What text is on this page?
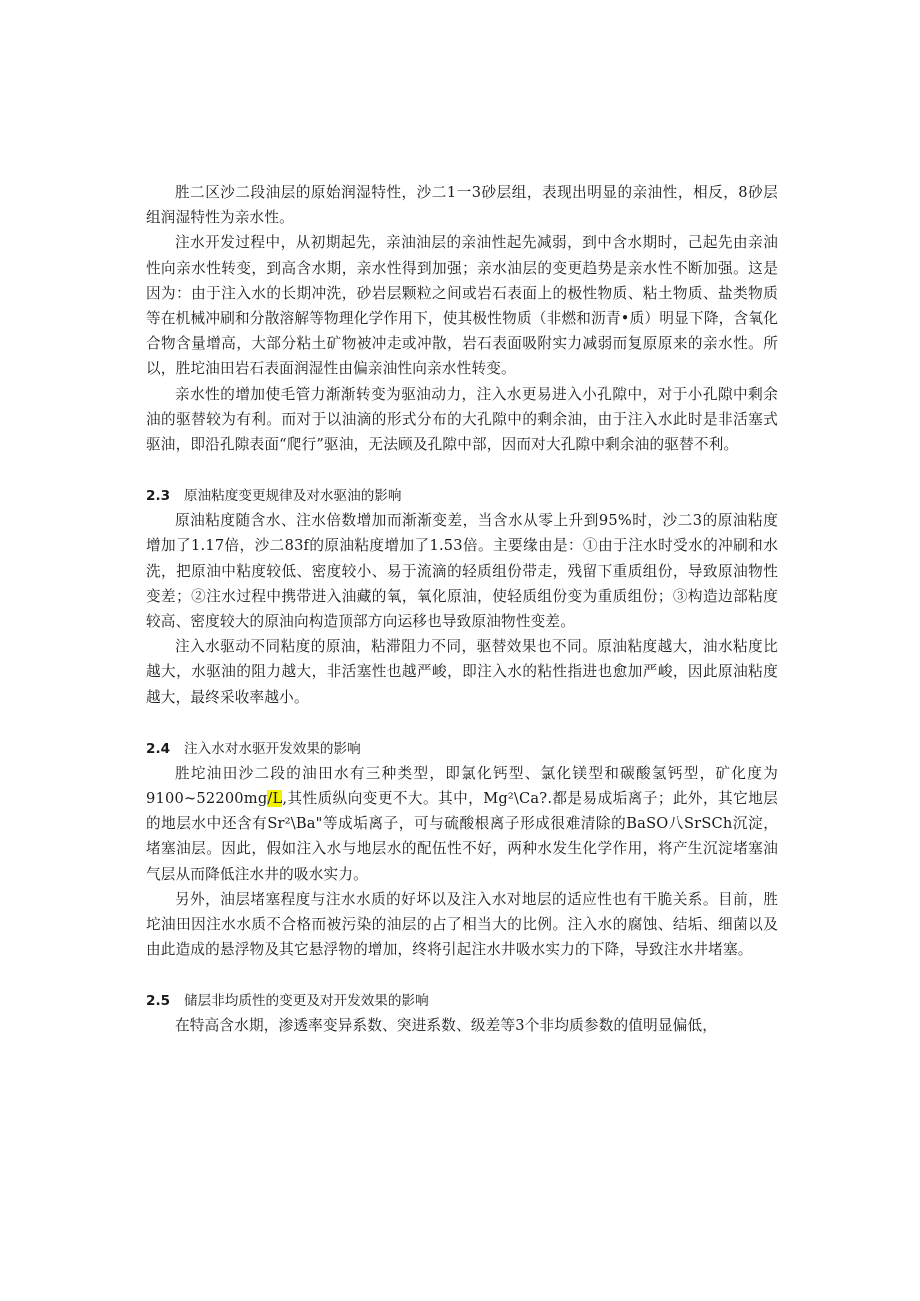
胜二区沙二段油层的原始润湿特性，沙二1一3砂层组，表现出明显的亲油性，相反，8砂层组润湿特性为亲水性。

注水开发过程中，从初期起先，亲油油层的亲油性起先减弱，到中含水期时，己起先由亲油性向亲水性转变，到高含水期，亲水性得到加强；亲水油层的变更趋势是亲水性不断加强。这是因为：由于注入水的长期冲洗，砂岩层颗粒之间或岩石表面上的极性物质、粘土物质、盐类物质等在机械冲刷和分散溶解等物理化学作用下，使其极性物质（非燃和沥青•质）明显下降，含氧化合物含量增高，大部分粘土矿物被冲走或冲散，岩石表面吸附实力减弱而复原原来的亲水性。所以，胜坨油田岩石表面润湿性由偏亲油性向亲水性转变。

亲水性的增加使毛管力渐渐转变为驱油动力，注入水更易进入小孔隙中，对于小孔隙中剩余油的驱替较为有利。而对于以油滴的形式分布的大孔隙中的剩余油，由于注入水此时是非活塞式驱油，即沿孔隙表面“爬行”驱油，无法顾及孔隙中部，因而对大孔隙中剩余油的驱替不利。

2.3 原油粘度变更规律及对水驱油的影响

原油粘度随含水、注水倍数增加而渐渐变差，当含水从零上升到95%时，沙二3的原油粘度增加了1.17倍，沙二83f的原油粘度增加了1.53倍。主要缘由是：①由于注水时受水的冲刷和水洗，把原油中粘度较低、密度较小、易于流滴的轻质组份带走，残留下重质组份，导致原油物性变差；②注水过程中携带进入油藏的氧，氧化原油，使轻质组份变为重质组份；③构造边部粘度较高、密度较大的原油向构造顶部方向运移也导致原油物性变差。

注入水驱动不同粘度的原油，粘滞阻力不同，驱替效果也不同。原油粘度越大，油水粘度比越大，水驱油的阻力越大，非活塞性也越严峻，即注入水的粘性指进也愈加严峻，因此原油粘度越大，最终采收率越小。

2.4 注入水对水驱开发效果的影响

胜坨油田沙二段的油田水有三种类型，即氯化钙型、氯化镁型和碳酸氢钙型，矿化度为9100~52200mg/L,其性质纵向变更不大。其中，Mg²\Ca?.都是易成垢离子；此外，其它地层的地层水中还含有Sr²\Ba"等成垢离子，可与硫酸根离子形成很难清除的BaSO八SrSCh沉淀，堵塞油层。因此，假如注入水与地层水的配伍性不好，两种水发生化学作用，将产生沉淀堵塞油气层从而降低注水井的吸水实力。

另外，油层堵塞程度与注水水质的好坏以及注入水对地层的适应性也有干脆关系。目前，胜坨油田因注水水质不合格而被污染的油层的占了相当大的比例。注入水的腐蚀、结垢、细菌以及由此造成的悬浮物及其它悬浮物的增加，终将引起注水井吸水实力的下降，导致注水井堵塞。

2.5 储层非均质性的变更及对开发效果的影响

在特高含水期，渗透率变异系数、突进系数、级差等3个非均质参数的值明显偏低，
